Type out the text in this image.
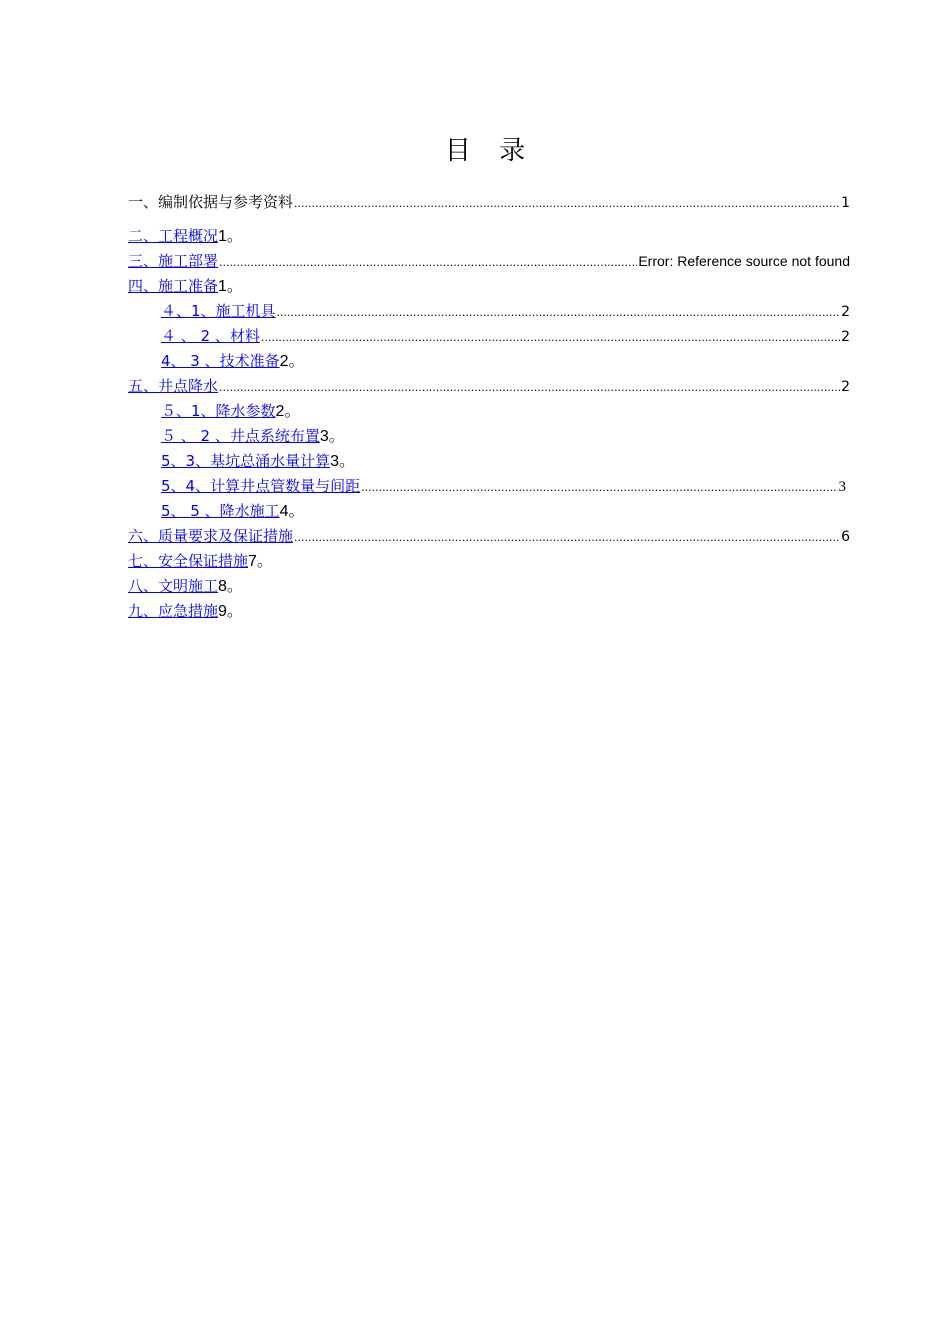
目 录
一、编制依据与参考资料 .....	1
二、工程概况 1。
三、施工部署 .....	Error: Reference source not found
四、施工准备 1。
４、1、施工机具 .....	2
４ 、 2 、材料 .....	2
4、 3 、技术准备 2。
五、井点降水 .....	2
５、1、降水参数 2。
５ 、 2 、井点系统布置 3。
5、3、基坑总涌水量计算 3。
5、4、计算井点管数量与间距 .....	3
5、 5 、降水施工 4。
六、质量要求及保证措施 .....	6
七、安全保证措施 7。
八、文明施工 8。
九、应急措施 9。
